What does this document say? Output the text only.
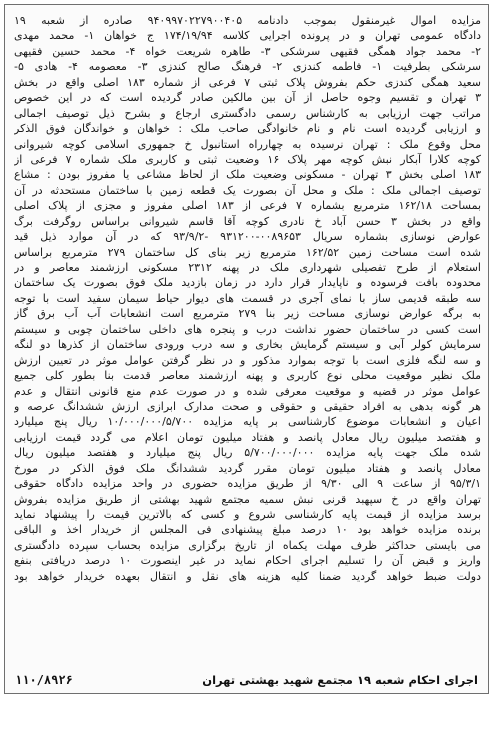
مزایده اموال غیرمنقول بموجب دادنامه ۹۴۰۹۹۷۰۲۲۷۹۰۰۴۰۵ صادره از شعبه ۱۹
دادگاه عمومی تهران و در پرونده اجرایی کلاسه ۱۷۴/۱۹/۹۴ ج خواهان ۱- محمد مهدی
۲- محمد جواد همگی فقیهی سرشکی ۳- طاهره شریعت خواه ۴- محمد حسین فقیهی
سرشکی بطرفیت ۱- فاطمه کندزی ۲- فرهنگ صالح کندزی ۳- معصومه ۴- هادی ۵-
سعید همگی کندزی حکم بفروش پلاک ثبتی ۷ فرعی از شماره ۱۸۳ اصلی واقع در بخش
۳ تهران و تقسیم وجوه حاصل از آن بین مالکین صادر گردیده است که در این خصوص
مراتب جهت ارزیابی به کارشناس رسمی دادگستری ارجاع و بشرح ذیل توصیف اجمالی
و ارزیابی گردیده است نام و نام خانوادگی صاحب ملک : خواهان و خواندگان فوق الذکر
محل وقوع ملک : تهران نرسیده به چهارراه استانبول خ جمهوری اسلامی کوچه شیروانی
کوچه کلارا آبکار نبش کوچه مهر پلاک ۱۶ وضعیت ثبتی و کاربری ملک شماره ۷ فرعی از
۱۸۳ اصلی بخش ۳ تهران - مسکونی وضعیت ملک از لحاظ مشاعی یا مفروز بودن : مشاع
توصیف اجمالی ملک : ملک و محل آن بصورت یک قطعه زمین با ساختمان مستحدثه در آن
بمساحت ۱۶۲/۱۸ مترمربع بشماره ۷ فرعی از ۱۸۳ اصلی مفروز و مجزی از پلاک اصلی
واقع در بخش ۳ حسن آباد خ نادری کوچه آقا قاسم شیروانی براساس روگرفت برگ
عوارض نوسازی بشماره سریال ۰۰۸۹۶۵۳-۹۳۱۲۰۰ -۹۳/۹/۲ که در آن موارد ذیل قید
شده است مساحت زمین ۱۶۲/۵۲ مترمربع زیر بنای کل ساختمان ۲۷۹ مترمربع براساس
استعلام از طرح تفصیلی شهرداری ملک در پهنه ۲۳۱۲ مسکونی ارزشمند معاصر و در
محدوده بافت فرسوده و ناپایدار قرار دارد در زمان بازدید ملک فوق بصورت یک ساختمان
سه طبقه قدیمی ساز با نمای آجری در قسمت های دیوار حیاط سیمان سفید است با توجه
به برگه عوارض نوسازی مساحت زیر بنا ۲۷۹ مترمربع است انشعابات آب آب برق گاز
است کسی در ساختمان حضور نداشت درب و پنجره های داخلی ساختمان چوبی و سیستم
سرمایش کولر آبی و سیستم گرمایش بخاری و سه درب ورودی ساختمان از کذرها دو لنگه
و سه لنگه فلزی است با توجه بموارد مذکور و در نظر گرفتن عوامل موثر در تعیین ارزش
ملک نظیر موقعیت محلی نوع کاربری و پهنه ارزشمند معاصر قدمت بنا بطور کلی جمیع
عوامل موثر در قضیه و موقعیت معرفی شده و در صورت عدم منع قانونی انتقال و عدم
هر گونه بدهی به افراد حقیقی و حقوقی و صحت مدارک ابرازی ارزش ششدانگ عرصه و
اعیان و انشعابات موضوع کارشناسی بر پایه مزایده ۱۰/۰۰۰/۰۰۰/۵/۷۰۰ ریال پنج میلیارد
و هفتصد میلیون ریال معادل پانصد و هفتاد میلیون تومان اعلام می گردد قیمت ارزیابی
شده ملک جهت پایه مزایده ۵/۷۰۰/۰۰۰/۰۰۰ ریال پنج میلیارد و هفتصد میلیون ریال
معادل پانصد و هفتاد میلیون تومان مقرر گردید ششدانگ ملک فوق الذکر در مورخ
۹۵/۳/۱ از ساعت ۹ الی ۹/۳۰ از طریق مزایده حضوری در واحد مزایده دادگاه حقوقی
تهران واقع در خ سپهبد قرنی نبش سمیه مجتمع شهید بهشتی از طریق مزایده بفروش
برسد مزایده از قیمت پایه کارشناسی شروع و کسی که بالاترین قیمت را پیشنهاد نماید
برنده مزایده خواهد بود ۱۰ درصد مبلغ پیشنهادی فی المجلس از خریدار اخذ و الباقی
می بایستی حداکثر ظرف مهلت یکماه از تاریخ برگزاری مزایده بحساب سپرده دادگستری
واریز و قبض آن را تسلیم اجرای احکام نماید در غیر اینصورت ۱۰ درصد دریافتی بنفع
دولت ضبط خواهد گردید ضمنا کلیه هزینه های نقل و انتقال بعهده خریدار خواهد بود
اجرای احکام شعبه ۱۹ مجتمع شهید بهشتی تهران
۱۱۰/۸۹۲۶
